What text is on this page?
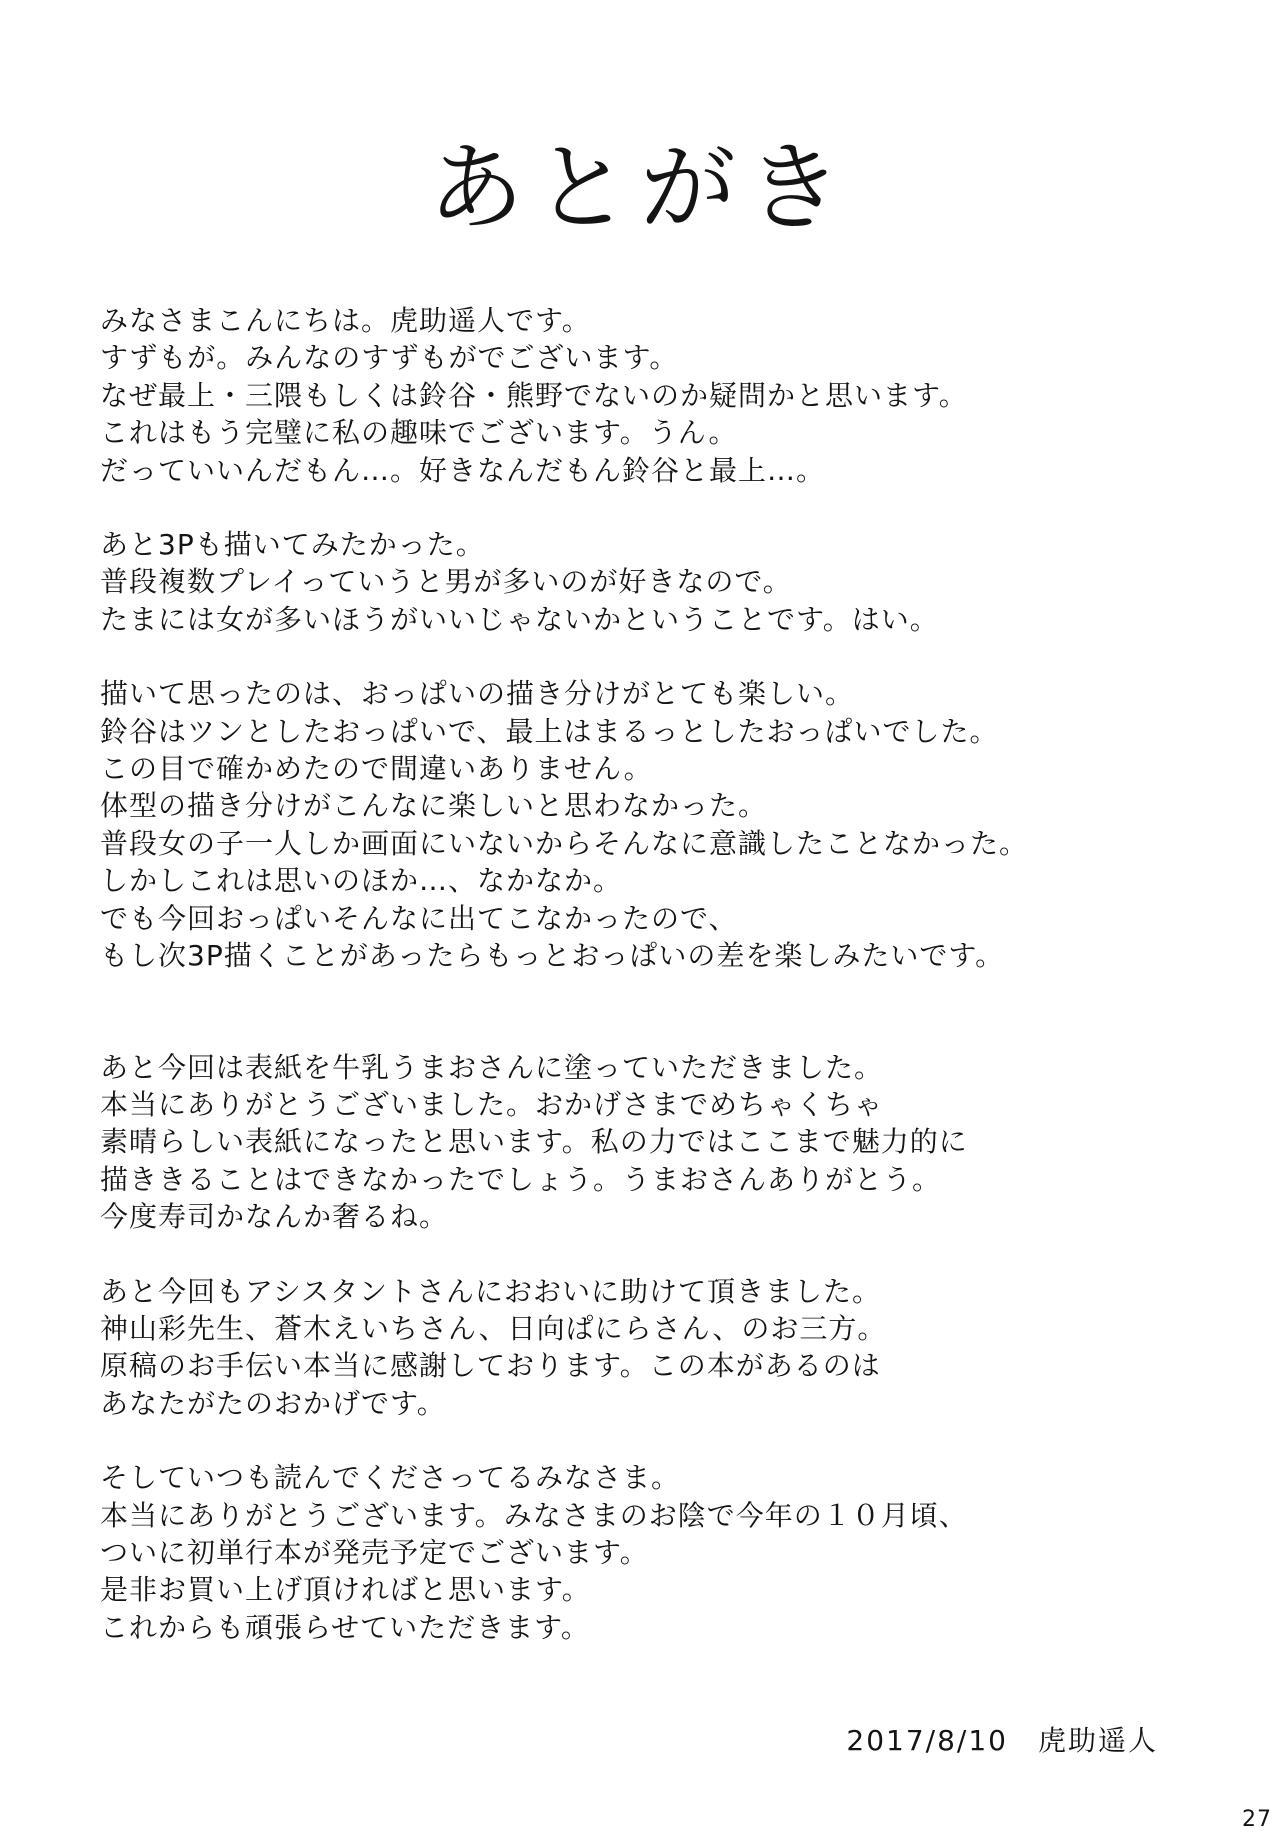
あとがき

みなさまこんにちは。虎助遥人です。
すずもが。みんなのすずもがでございます。
なぜ最上・三隈もしくは鈴谷・熊野でないのか疑問かと思います。
これはもう完璧に私の趣味でございます。うん。
だっていいんだもん…。好きなんだもん鈴谷と最上…。

あと3Pも描いてみたかった。
普段複数プレイっていうと男が多いのが好きなので。
たまには女が多いほうがいいじゃないかということです。はい。

描いて思ったのは、おっぱいの描き分けがとても楽しい。
鈴谷はツンとしたおっぱいで、最上はまるっとしたおっぱいでした。
この目で確かめたので間違いありません。
体型の描き分けがこんなに楽しいと思わなかった。
普段女の子一人しか画面にいないからそんなに意識したことなかった。
しかしこれは思いのほか…、なかなか。
でも今回おっぱいそんなに出てこなかったので、
もし次3P描くことがあったらもっとおっぱいの差を楽しみたいです。

あと今回は表紙を牛乳うまおさんに塗っていただきました。
本当にありがとうございました。おかげさまでめちゃくちゃ
素晴らしい表紙になったと思います。私の力ではここまで魅力的に
描ききることはできなかったでしょう。うまおさんありがとう。
今度寿司かなんか奢るね。

あと今回もアシスタントさんにおおいに助けて頂きました。
神山彩先生、蒼木えいちさん、日向ぱにらさん、のお三方。
原稿のお手伝い本当に感謝しております。この本があるのは
あなたがたのおかげです。

そしていつも読んでくださってるみなさま。
本当にありがとうございます。みなさまのお陰で今年の１０月頃、
ついに初単行本が発売予定でございます。
是非お買い上げ頂ければと思います。
これからも頑張らせていただきます。

2017/8/10 虎助遥人
27
